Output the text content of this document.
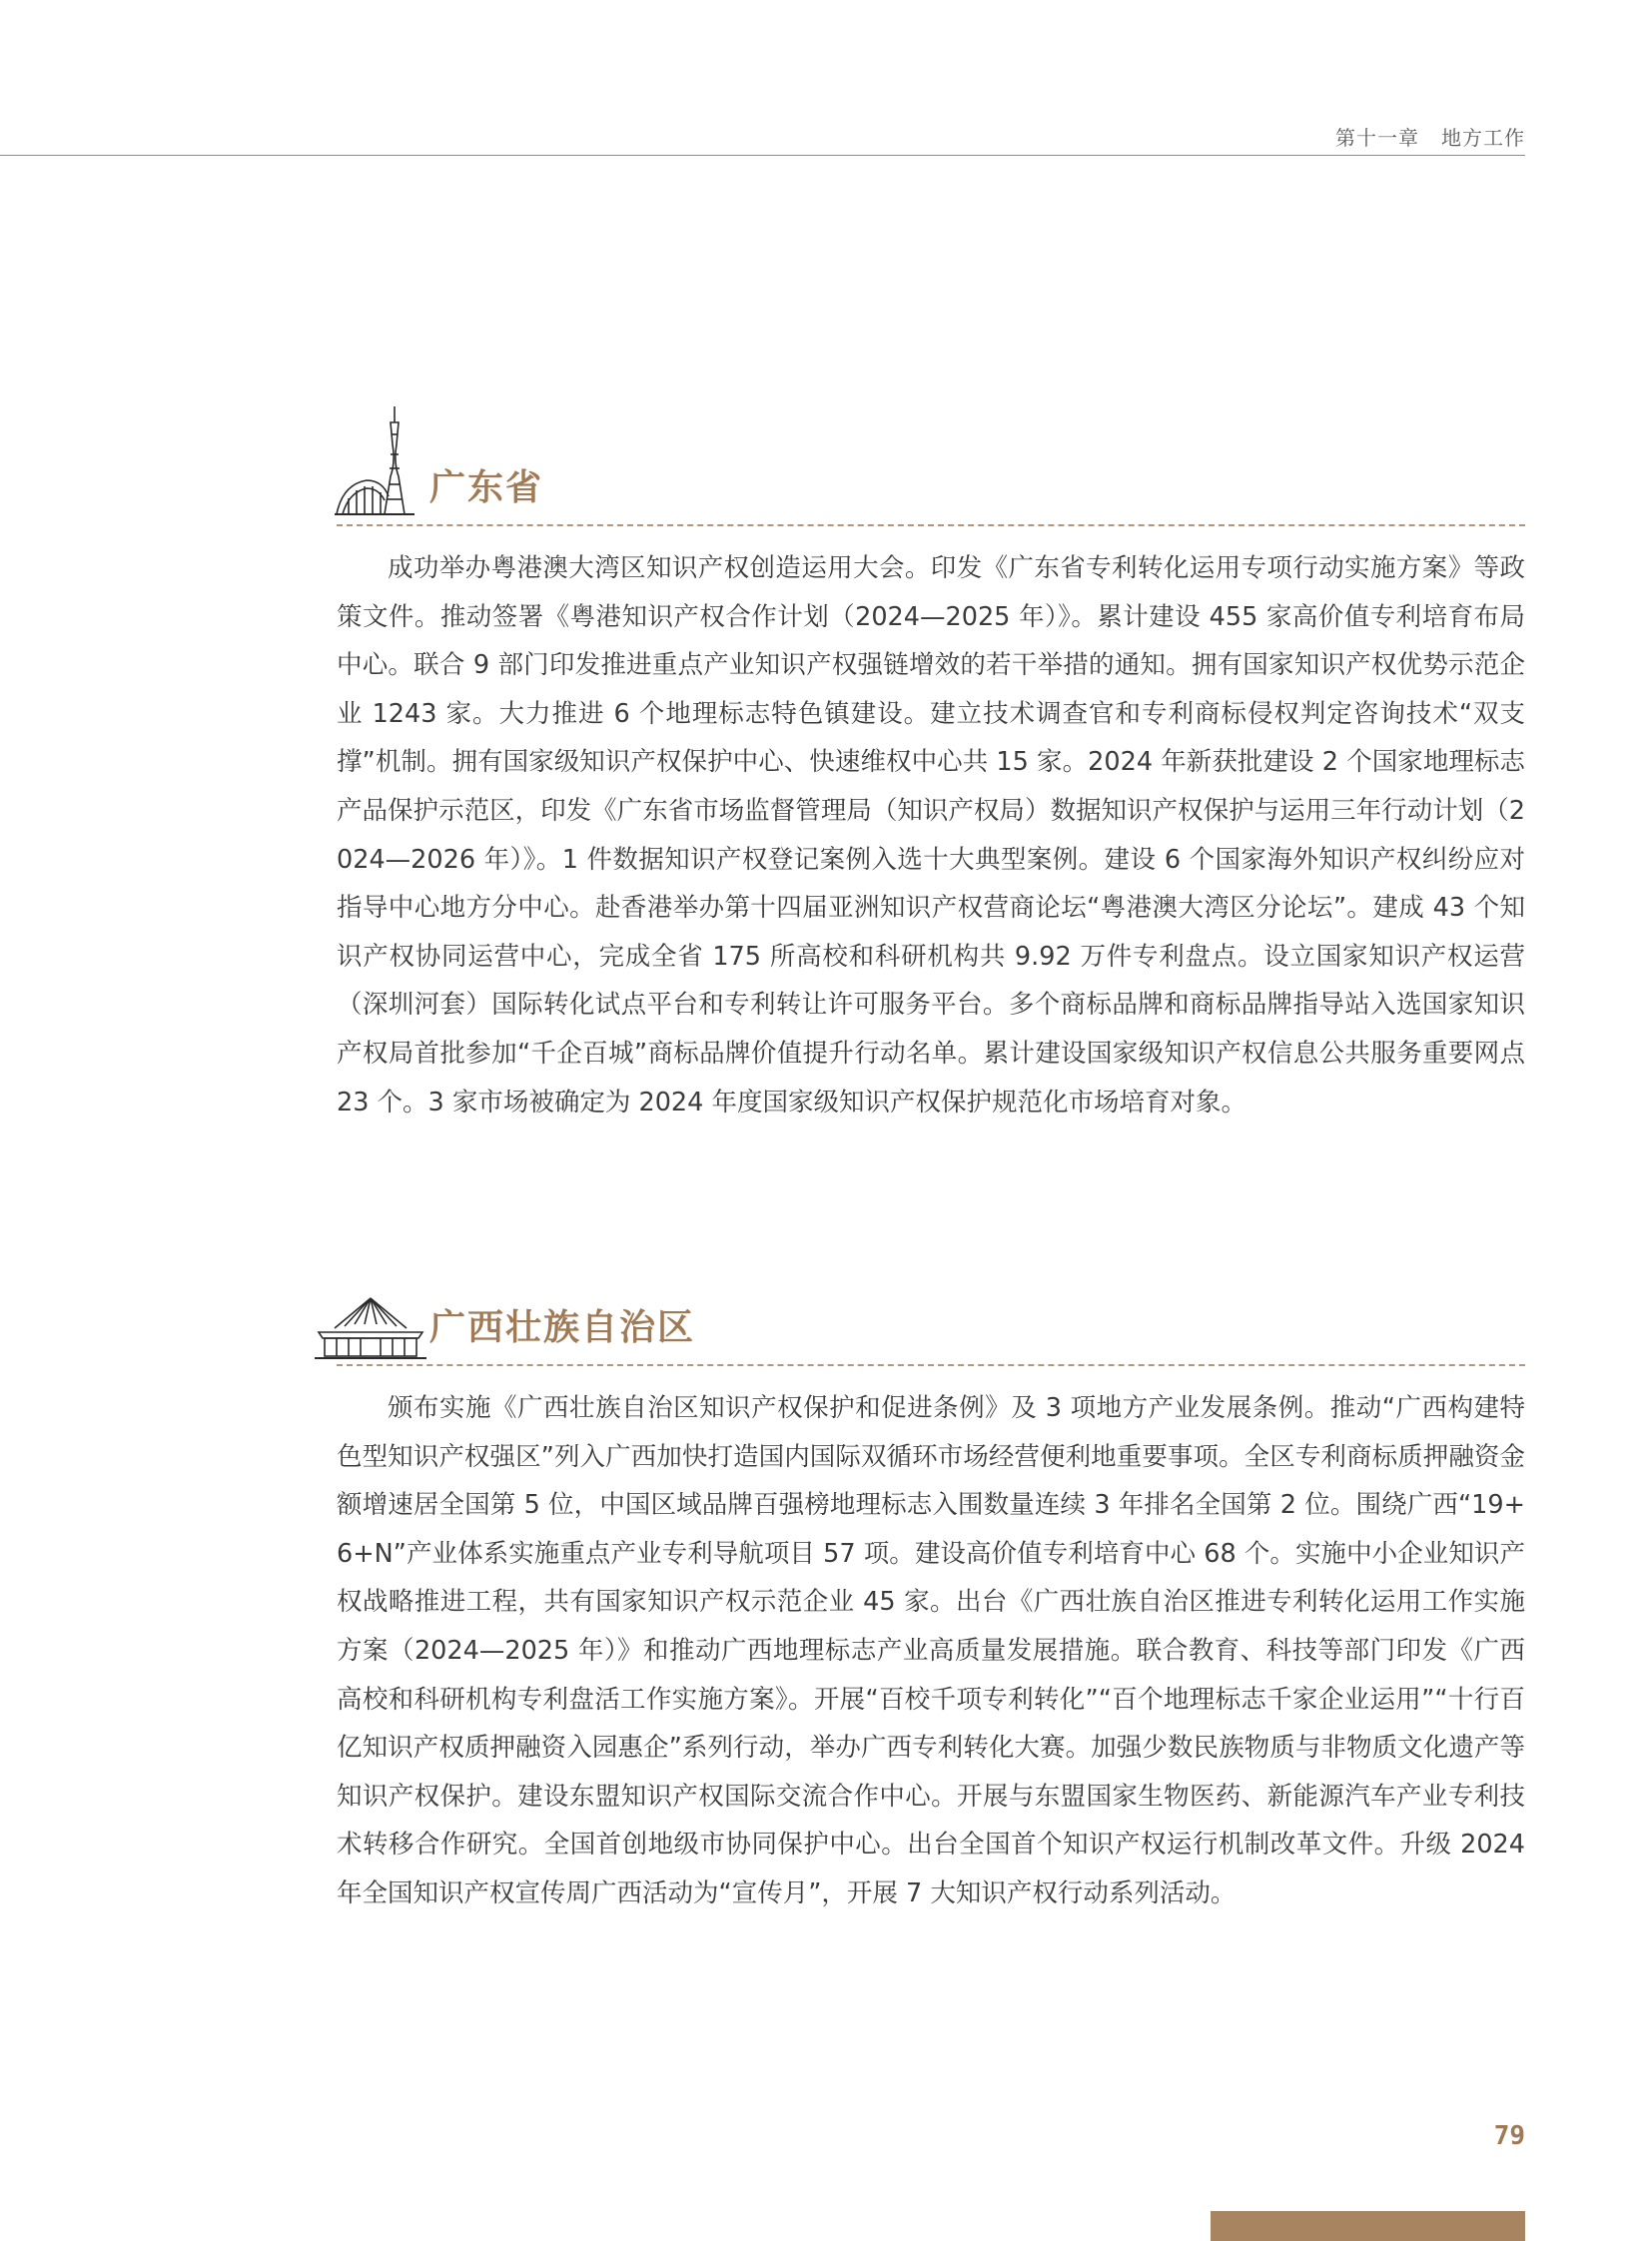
第十一章 地方工作
广东省

成功举办粤港澳大湾区知识产权创造运用大会。印发《广东省专利转化运用专项行动实施方案》等政策文件。推动签署《粤港知识产权合作计划（2024—2025 年）》。累计建设 455 家高价值专利培育布局中心。联合 9 部门印发推进重点产业知识产权强链增效的若干举措的通知。拥有国家知识产权优势示范企业 1243 家。大力推进 6 个地理标志特色镇建设。建立技术调查官和专利商标侵权判定咨询技术“双支撑”机制。拥有国家级知识产权保护中心、快速维权中心共 15 家。2024 年新获批建设 2 个国家地理标志产品保护示范区，印发《广东省市场监督管理局（知识产权局）数据知识产权保护与运用三年行动计划（2024—2026 年）》。1 件数据知识产权登记案例入选十大典型案例。建设 6 个国家海外知识产权纠纷应对指导中心地方分中心。赴香港举办第十四届亚洲知识产权营商论坛“粤港澳大湾区分论坛”。建成 43 个知识产权协同运营中心，完成全省 175 所高校和科研机构共 9.92 万件专利盘点。设立国家知识产权运营（深圳河套）国际转化试点平台和专利转让许可服务平台。多个商标品牌和商标品牌指导站入选国家知识产权局首批参加“千企百城”商标品牌价值提升行动名单。累计建设国家级知识产权信息公共服务重要网点 23 个。3 家市场被确定为 2024 年度国家级知识产权保护规范化市场培育对象。

广西壮族自治区

颁布实施《广西壮族自治区知识产权保护和促进条例》及 3 项地方产业发展条例。推动“广西构建特色型知识产权强区”列入广西加快打造国内国际双循环市场经营便利地重要事项。全区专利商标质押融资金额增速居全国第 5 位，中国区域品牌百强榜地理标志入围数量连续 3 年排名全国第 2 位。围绕广西“19+6+N”产业体系实施重点产业专利导航项目 57 项。建设高价值专利培育中心 68 个。实施中小企业知识产权战略推进工程，共有国家知识产权示范企业 45 家。出台《广西壮族自治区推进专利转化运用工作实施方案（2024—2025 年）》和推动广西地理标志产业高质量发展措施。联合教育、科技等部门印发《广西高校和科研机构专利盘活工作实施方案》。开展“百校千项专利转化”“百个地理标志千家企业运用”“十行百亿知识产权质押融资入园惠企”系列行动，举办广西专利转化大赛。加强少数民族物质与非物质文化遗产等知识产权保护。建设东盟知识产权国际交流合作中心。开展与东盟国家生物医药、新能源汽车产业专利技术转移合作研究。全国首创地级市协同保护中心。出台全国首个知识产权运行机制改革文件。升级 2024 年全国知识产权宣传周广西活动为“宣传月”，开展 7 大知识产权行动系列活动。

79
